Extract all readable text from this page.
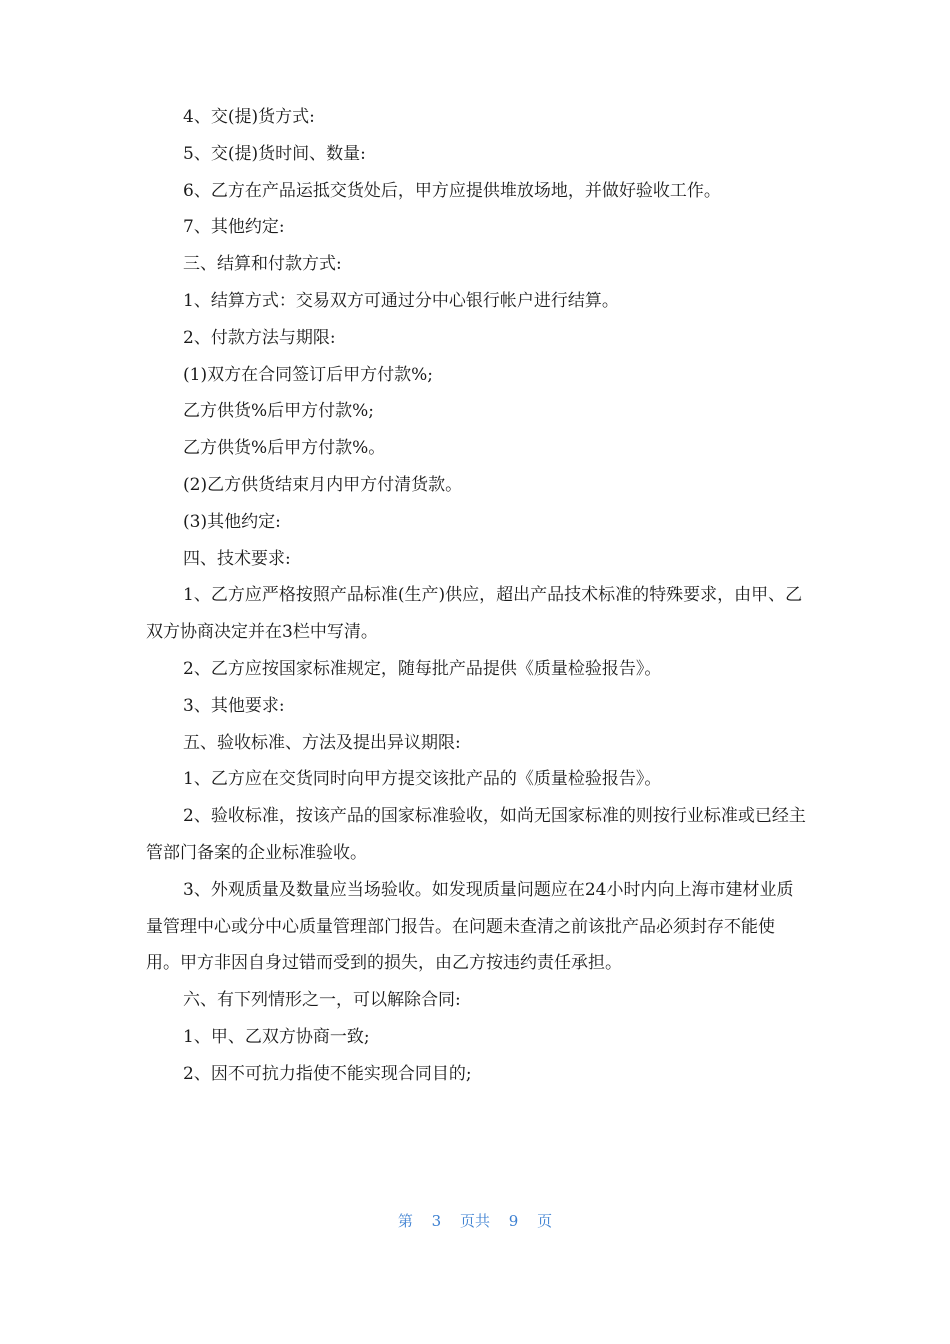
4、交(提)货方式:

5、交(提)货时间、数量:

6、乙方在产品运抵交货处后，甲方应提供堆放场地，并做好验收工作。

7、其他约定:

三、结算和付款方式:

1、结算方式：交易双方可通过分中心银行帐户进行结算。

2、付款方法与期限:

(1)双方在合同签订后甲方付款%;

乙方供货%后甲方付款%;

乙方供货%后甲方付款%。

(2)乙方供货结束月内甲方付清货款。

(3)其他约定:

四、技术要求:

1、乙方应严格按照产品标准(生产)供应，超出产品技术标准的特殊要求，由甲、乙双方协商决定并在3栏中写清。

2、乙方应按国家标准规定，随每批产品提供《质量检验报告》。

3、其他要求:

五、验收标准、方法及提出异议期限:

1、乙方应在交货同时向甲方提交该批产品的《质量检验报告》。

2、验收标准，按该产品的国家标准验收，如尚无国家标准的则按行业标准或已经主管部门备案的企业标准验收。

3、外观质量及数量应当场验收。如发现质量问题应在24小时内向上海市建材业质量管理中心或分中心质量管理部门报告。在问题未查清之前该批产品必须封存不能使用。甲方非因自身过错而受到的损失，由乙方按违约责任承担。

六、有下列情形之一，可以解除合同:

1、甲、乙双方协商一致;

2、因不可抗力指使不能实现合同目的;

第 3 页共 9 页
